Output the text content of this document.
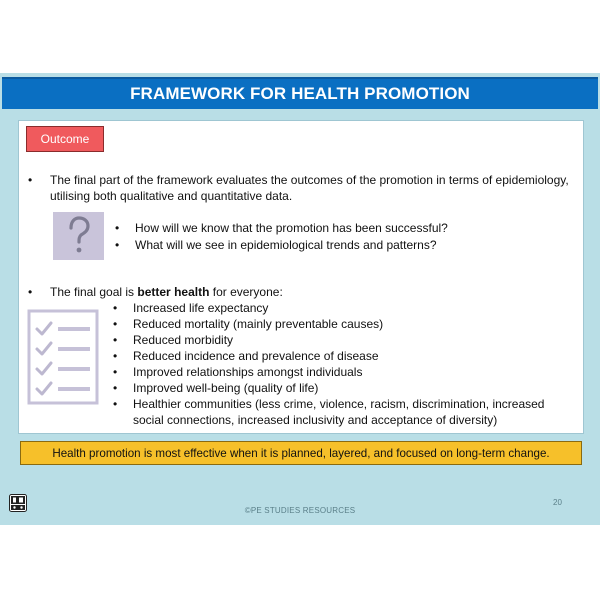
FRAMEWORK FOR HEALTH PROMOTION
Outcome
• The final part of the framework evaluates the outcomes of the promotion in terms of epidemiology, utilising both qualitative and quantitative data.
• How will we know that the promotion has been successful?
• What will we see in epidemiological trends and patterns?
• The final goal is better health for everyone:
• Increased life expectancy
• Reduced mortality (mainly preventable causes)
• Reduced morbidity
• Reduced incidence and prevalence of disease
• Improved relationships amongst individuals
• Improved well-being (quality of life)
• Healthier communities (less crime, violence, racism, discrimination, increased social connections, increased inclusivity and acceptance of diversity)
Health promotion is most effective when it is planned, layered, and focused on long-term change.
©PE STUDIES RESOURCES
20
